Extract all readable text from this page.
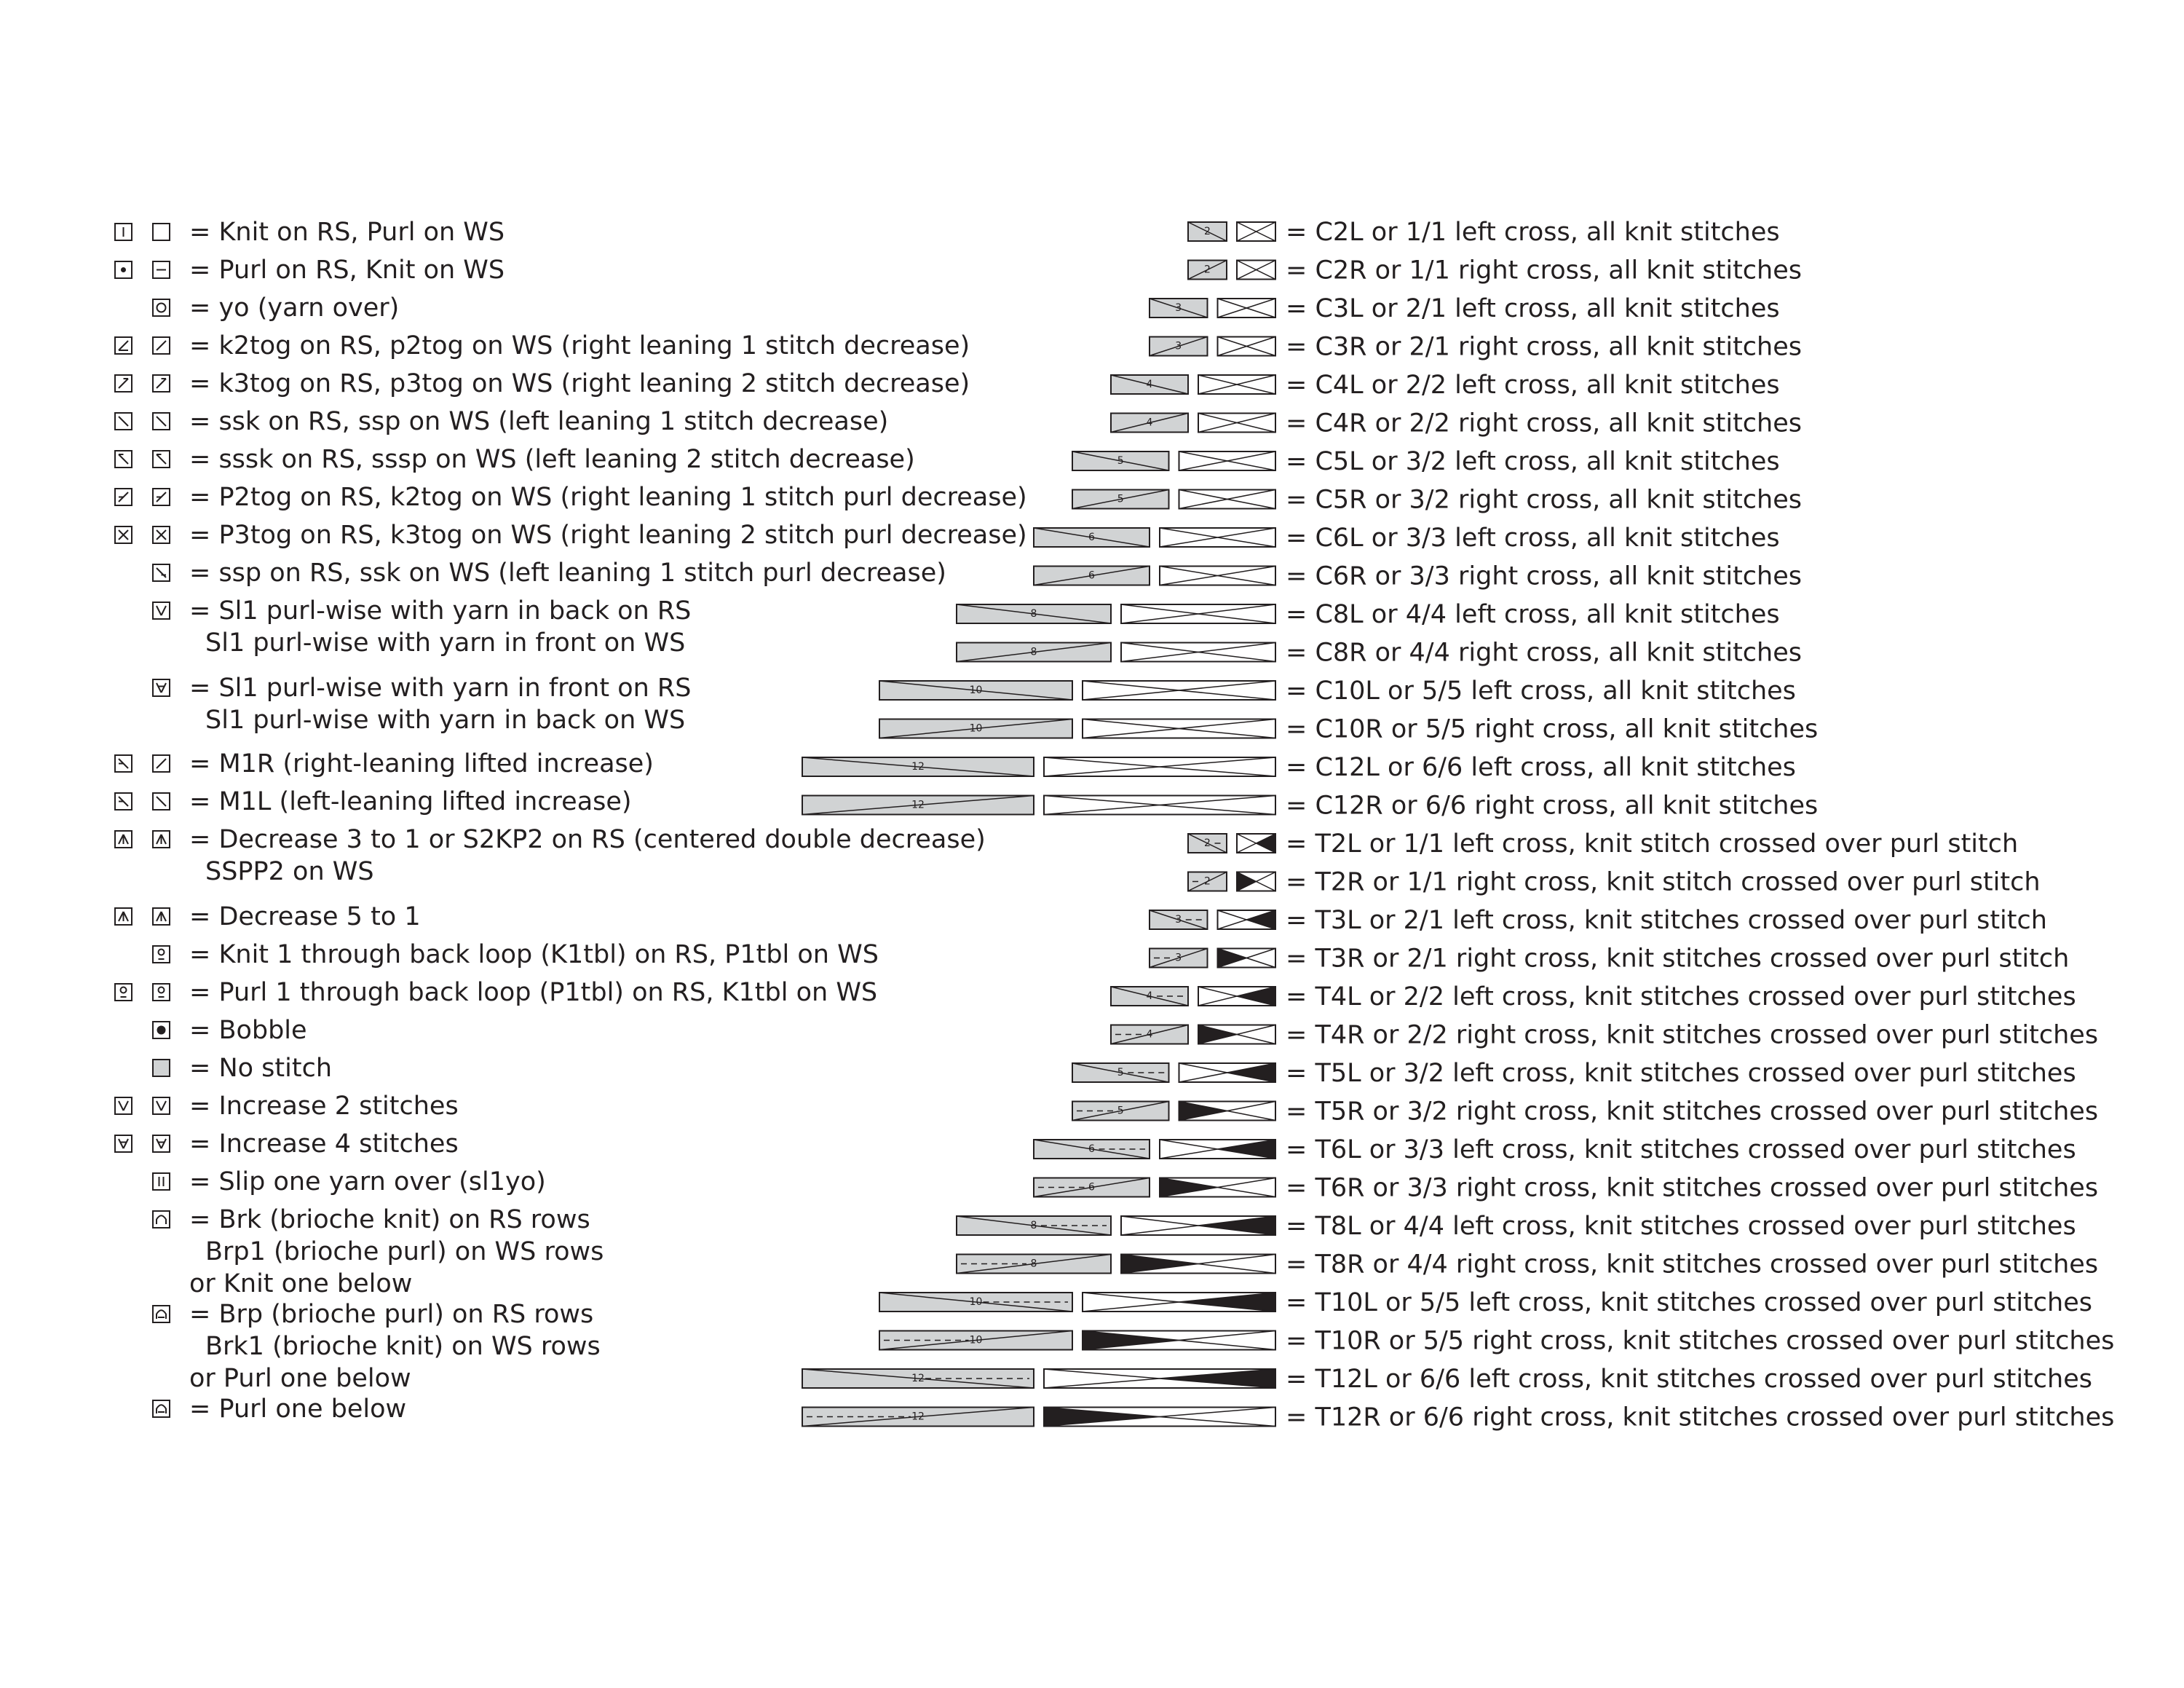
= Knit on RS, Purl on WS
= Purl on RS, Knit on WS
= yo (yarn over)
= k2tog on RS, p2tog on WS (right leaning 1 stitch decrease)
= k3tog on RS, p3tog on WS (right leaning 2 stitch decrease)
= ssk on RS, ssp on WS (left leaning 1 stitch decrease)
= sssk on RS, sssp on WS (left leaning 2 stitch decrease)
= P2tog on RS, k2tog on WS (right leaning 1 stitch purl decrease)
= P3tog on RS, k3tog on WS (right leaning 2 stitch purl decrease)
= ssp on RS, ssk on WS (left leaning 1 stitch purl decrease)
= Sl1 purl-wise with yarn in back on RS
Sl1 purl-wise with yarn in front on WS
= Sl1 purl-wise with yarn in front on RS
Sl1 purl-wise with yarn in back on WS
= M1R (right-leaning lifted increase)
= M1L (left-leaning lifted increase)
= Decrease 3 to 1 or S2KP2 on RS (centered double decrease)
SSPP2 on WS
= Decrease 5 to 1
= Knit 1 through back loop (K1tbl) on RS, P1tbl on WS
= Purl 1 through back loop (P1tbl) on RS, K1tbl on WS
= Bobble
= No stitch
= Increase 2 stitches
= Increase 4 stitches
= Slip one yarn over (sl1yo)
= Brk (brioche knit) on RS rows
Brp1 (brioche purl) on WS rows
or Knit one below
= Brp (brioche purl) on RS rows
Brk1 (brioche knit) on WS rows
or Purl one below
= Purl one below
2	= C2L or 1/1 left cross, all knit stitches
2	= C2R or 1/1 right cross, all knit stitches
3	= C3L or 2/1 left cross, all knit stitches
3	= C3R or 2/1 right cross, all knit stitches
4	= C4L or 2/2 left cross, all knit stitches
4	= C4R or 2/2 right cross, all knit stitches
5	= C5L or 3/2 left cross, all knit stitches
5	= C5R or 3/2 right cross, all knit stitches
6	= C6L or 3/3 left cross, all knit stitches
6	= C6R or 3/3 right cross, all knit stitches
8	= C8L or 4/4 left cross, all knit stitches
8	= C8R or 4/4 right cross, all knit stitches
10	= C10L or 5/5 left cross, all knit stitches
10	= C10R or 5/5 right cross, all knit stitches
12	= C12L or 6/6 left cross, all knit stitches
12	= C12R or 6/6 right cross, all knit stitches
2	= T2L or 1/1 left cross, knit stitch crossed over purl stitch
2	= T2R or 1/1 right cross, knit stitch crossed over purl stitch
3	= T3L or 2/1 left cross, knit stitches crossed over purl stitch
3	= T3R or 2/1 right cross, knit stitches crossed over purl stitch
4	= T4L or 2/2 left cross, knit stitches crossed over purl stitches
4	= T4R or 2/2 right cross, knit stitches crossed over purl stitches
5	= T5L or 3/2 left cross, knit stitches crossed over purl stitches
5	= T5R or 3/2 right cross, knit stitches crossed over purl stitches
6	= T6L or 3/3 left cross, knit stitches crossed over purl stitches
6	= T6R or 3/3 right cross, knit stitches crossed over purl stitches
8	= T8L or 4/4 left cross, knit stitches crossed over purl stitches
8	= T8R or 4/4 right cross, knit stitches crossed over purl stitches
10	= T10L or 5/5 left cross, knit stitches crossed over purl stitches
10	= T10R or 5/5 right cross, knit stitches crossed over purl stitches
12	= T12L or 6/6 left cross, knit stitches crossed over purl stitches
12	= T12R or 6/6 right cross, knit stitches crossed over purl stitches
